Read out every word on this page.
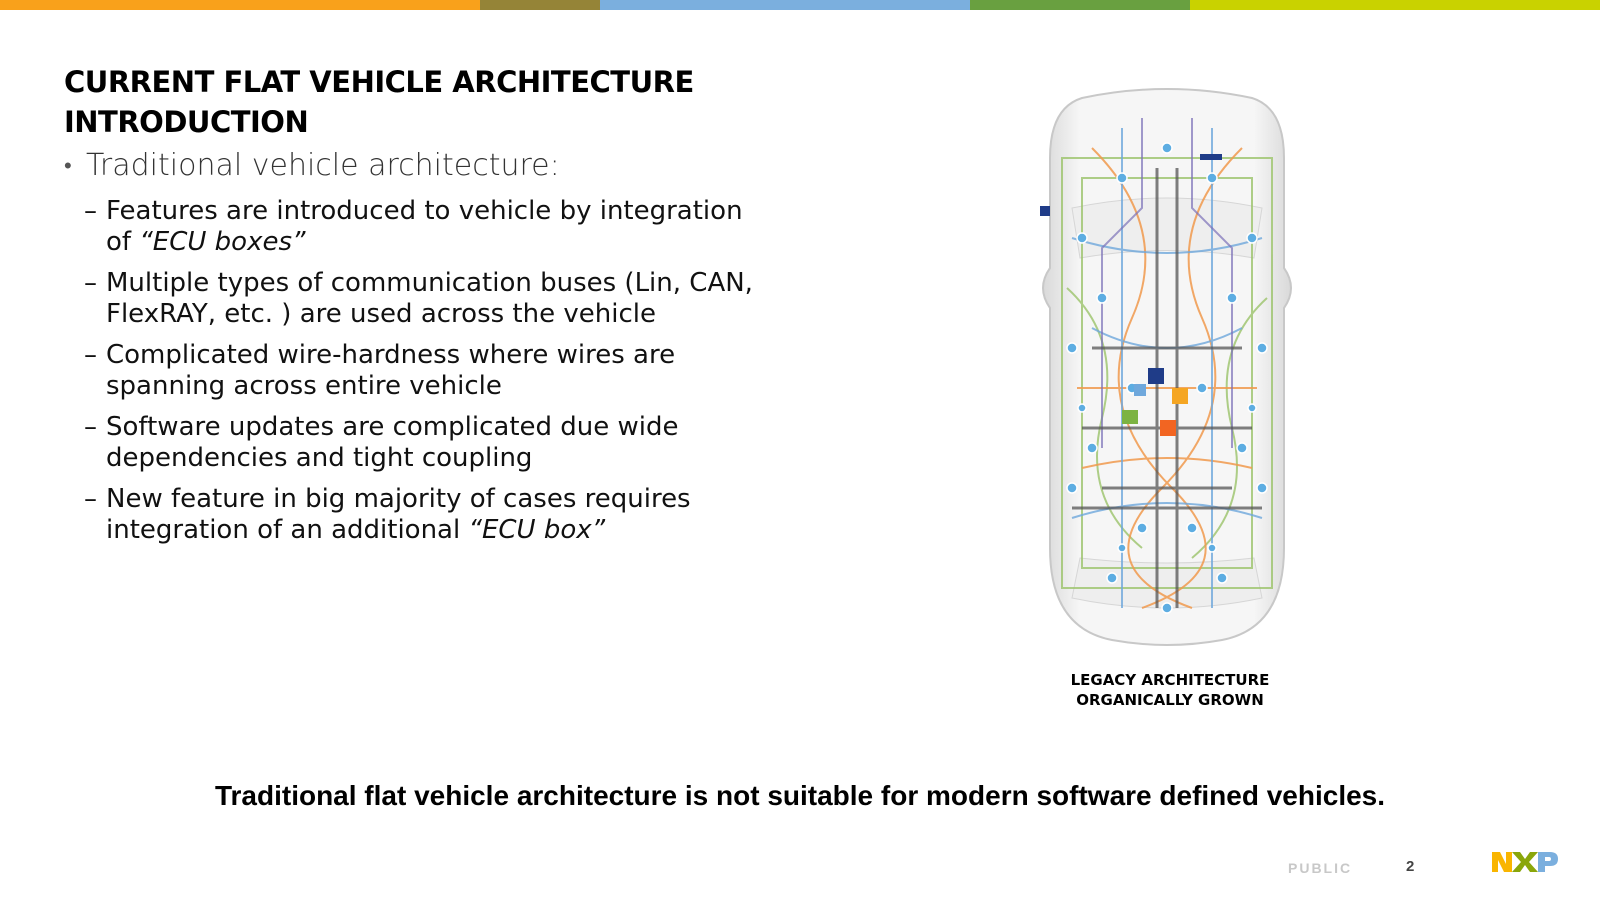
CURRENT FLAT VEHICLE ARCHITECTURE INTRODUCTION
• Traditional vehicle architecture:
– Features are introduced to vehicle by integration of “ECU boxes”
– Multiple types of communication buses (Lin, CAN, FlexRAY, etc. ) are used across the vehicle
– Complicated wire-hardness where wires are spanning across entire vehicle
– Software updates are complicated due wide dependencies and tight coupling
– New feature in big majority of cases requires integration of an additional “ECU box”
LEGACY ARCHITECTURE
ORGANICALLY GROWN
Traditional flat vehicle architecture is not suitable for modern software defined vehicles.
PUBLIC	2
